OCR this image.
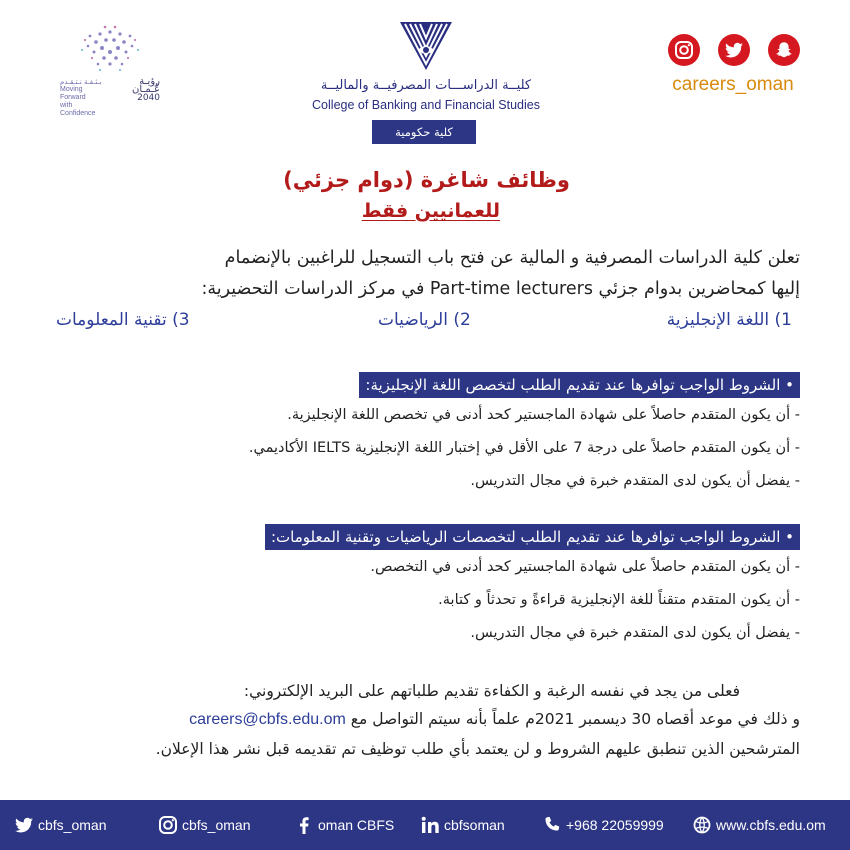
بـثـقـة نـتـقـدم
Moving Forward
with Confidence
رؤيـة عُـمـان
2040
كليــة الدراســـات المصرفيــة والماليــة
College of Banking and Financial Studies
كلية حكومية
careers_oman
وظائف شاغرة (دوام جزئي)
للعمانيين فقط
تعلن كلية الدراسات المصرفية و المالية عن فتح باب التسجيل للراغبين بالإنضمام
إليها كمحاضرين بدوام جزئي Part-time lecturers في مركز الدراسات التحضيرية:
1) اللغة الإنجليزية
2) الرياضيات
3) تقنية المعلومات
• الشروط الواجب توافرها عند تقديم الطلب لتخصص اللغة الإنجليزية:
- أن يكون المتقدم حاصلاً على شهادة الماجستير كحد أدنى في تخصص اللغة الإنجليزية.
- أن يكون المتقدم حاصلاً على درجة 7 على الأقل في إختبار اللغة الإنجليزية IELTS الأكاديمي.
- يفضل أن يكون لدى المتقدم خبرة في مجال التدريس.
• الشروط الواجب توافرها عند تقديم الطلب لتخصصات الرياضيات وتقنية المعلومات:
- أن يكون المتقدم حاصلاً على شهادة الماجستير كحد أدنى في التخصص.
- أن يكون المتقدم متقناً للغة الإنجليزية قراءةً و تحدثاً و كتابة.
- يفضل أن يكون لدى المتقدم خبرة في مجال التدريس.
فعلى من يجد في نفسه الرغبة و الكفاءة تقديم طلباتهم على البريد الإلكتروني:
و ذلك في موعد أقصاه 30 ديسمبر 2021م علماً بأنه سيتم التواصل مع careers@cbfs.edu.om
المترشحين الذين تنطبق عليهم الشروط و لن يعتمد بأي طلب توظيف تم تقديمه قبل نشر هذا الإعلان.
cbfs_oman	cbfs_oman	oman CBFS	cbfsoman	+968 22059999	www.cbfs.edu.om
